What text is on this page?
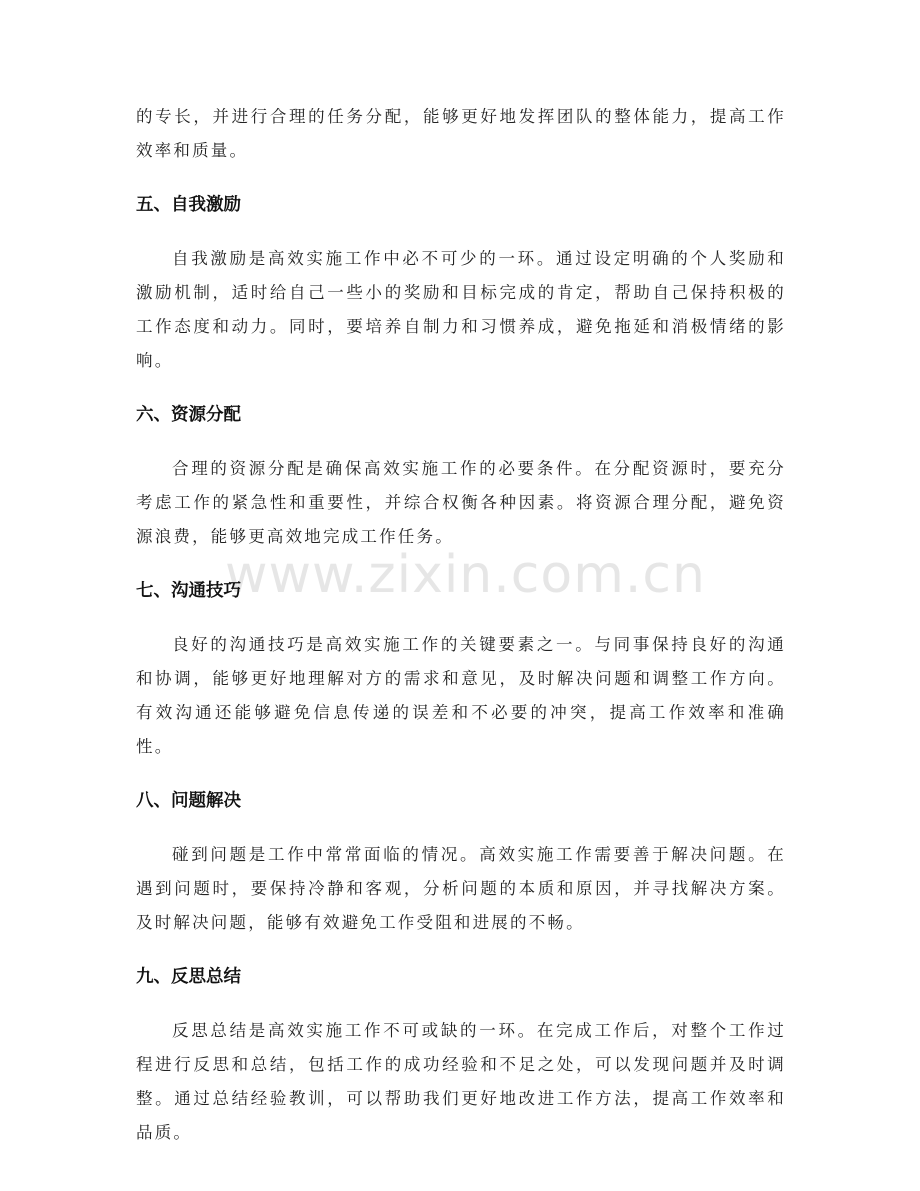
www.zixin.com.cn

的专长，并进行合理的任务分配，能够更好地发挥团队的整体能力，提高工作效率和质量。

五、自我激励

自我激励是高效实施工作中必不可少的一环。通过设定明确的个人奖励和激励机制，适时给自己一些小的奖励和目标完成的肯定，帮助自己保持积极的工作态度和动力。同时，要培养自制力和习惯养成，避免拖延和消极情绪的影响。

六、资源分配

合理的资源分配是确保高效实施工作的必要条件。在分配资源时，要充分考虑工作的紧急性和重要性，并综合权衡各种因素。将资源合理分配，避免资源浪费，能够更高效地完成工作任务。

七、沟通技巧

良好的沟通技巧是高效实施工作的关键要素之一。与同事保持良好的沟通和协调，能够更好地理解对方的需求和意见，及时解决问题和调整工作方向。有效沟通还能够避免信息传递的误差和不必要的冲突，提高工作效率和准确性。

八、问题解决

碰到问题是工作中常常面临的情况。高效实施工作需要善于解决问题。在遇到问题时，要保持冷静和客观，分析问题的本质和原因，并寻找解决方案。及时解决问题，能够有效避免工作受阻和进展的不畅。

九、反思总结

反思总结是高效实施工作不可或缺的一环。在完成工作后，对整个工作过程进行反思和总结，包括工作的成功经验和不足之处，可以发现问题并及时调整。通过总结经验教训，可以帮助我们更好地改进工作方法，提高工作效率和品质。
